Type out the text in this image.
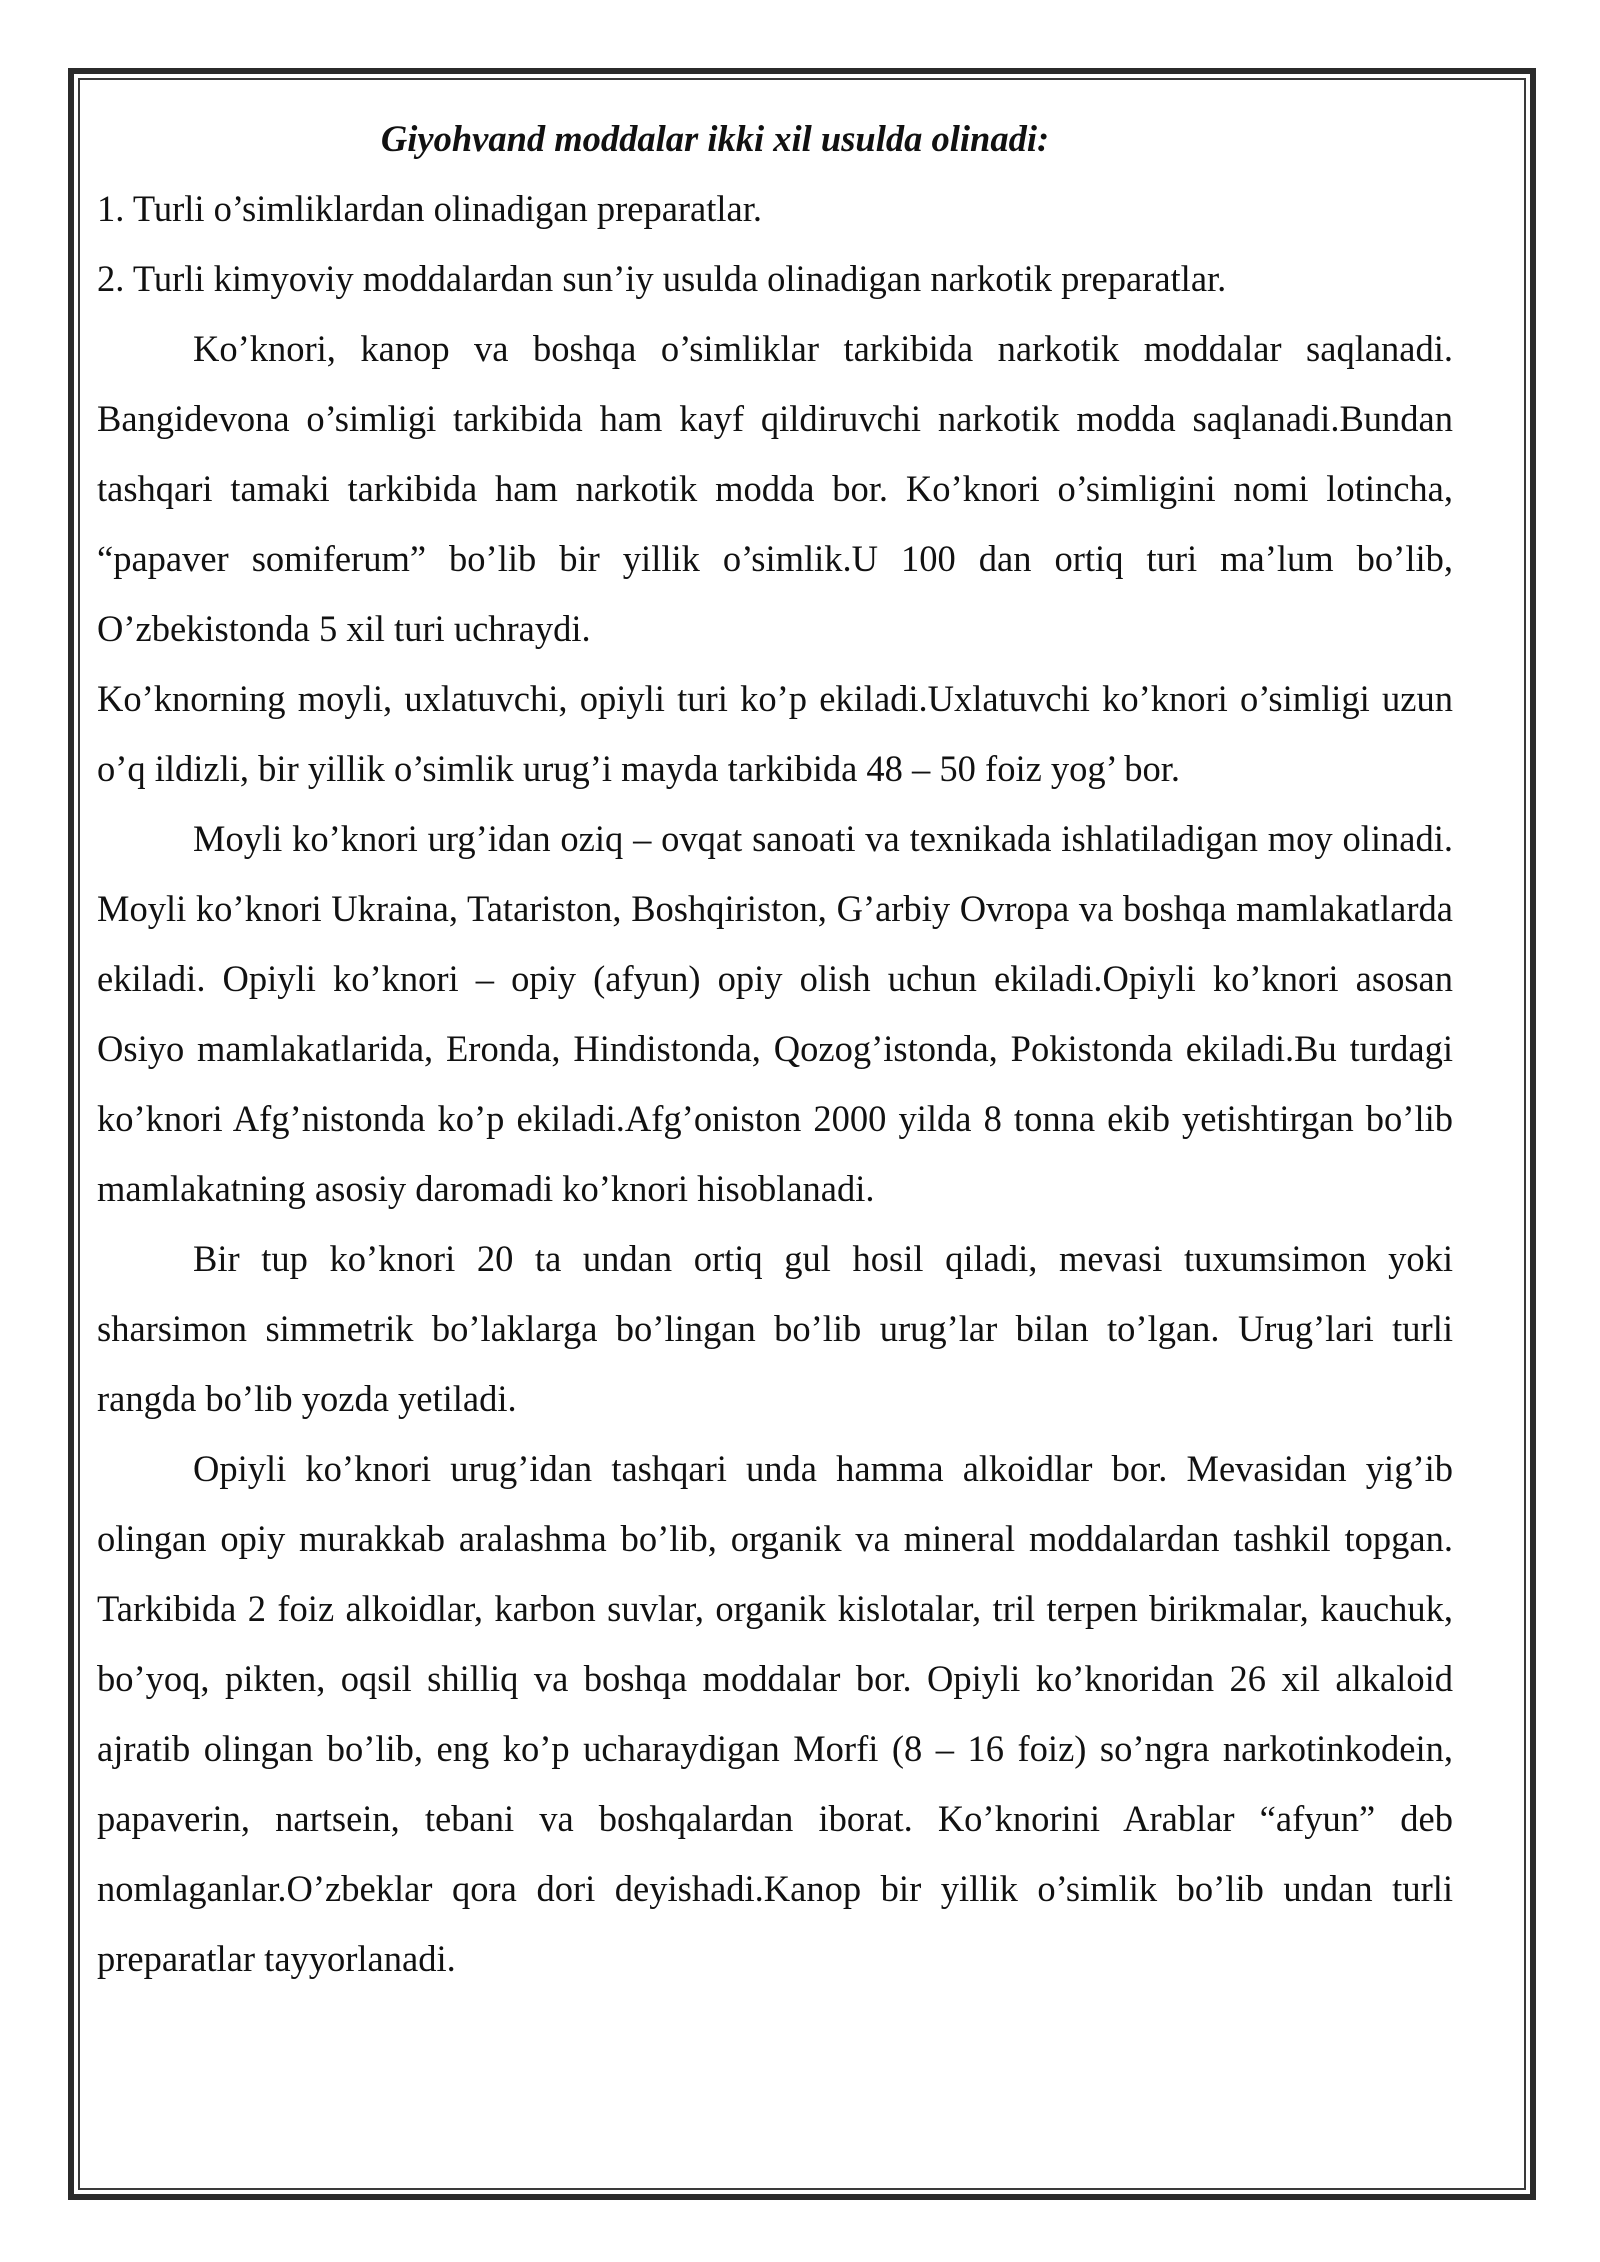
Giyohvand moddalar ikki xil usulda olinadi:

1. Turli o’simliklardan olinadigan preparatlar.

2. Turli kimyoviy moddalardan sun’iy usulda olinadigan narkotik preparatlar.

Ko’knori, kanop va boshqa o’simliklar tarkibida narkotik moddalar saqlanadi. Bangidevona o’simligi tarkibida ham kayf qildiruvchi narkotik modda saqlanadi.Bundan tashqari tamaki tarkibida ham narkotik modda bor. Ko’knori o’simligini nomi lotincha, “papaver somiferum” bo’lib bir yillik o’simlik.U 100 dan ortiq turi ma’lum bo’lib, O’zbekistonda 5 xil turi uchraydi.

Ko’knorning moyli, uxlatuvchi, opiyli turi ko’p ekiladi.Uxlatuvchi ko’knori o’simligi uzun o’q ildizli, bir yillik o’simlik urug’i mayda tarkibida 48 – 50 foiz yog’ bor.

Moyli ko’knori urg’idan oziq – ovqat sanoati va texnikada ishlatiladigan moy olinadi. Moyli ko’knori Ukraina, Tatariston, Boshqiriston, G’arbiy Ovropa va boshqa mamlakatlarda ekiladi. Opiyli ko’knori – opiy (afyun) opiy olish uchun ekiladi.Opiyli ko’knori asosan Osiyo mamlakatlarida, Eronda, Hindistonda, Qozog’istonda, Pokistonda ekiladi.Bu turdagi ko’knori Afg’nistonda ko’p ekiladi.Afg’oniston 2000 yilda 8 tonna ekib yetishtirgan bo’lib mamlakatning asosiy daromadi ko’knori hisoblanadi.

Bir tup ko’knori 20 ta undan ortiq gul hosil qiladi, mevasi tuxumsimon yoki sharsimon simmetrik bo’laklarga bo’lingan bo’lib urug’lar bilan to’lgan. Urug’lari turli rangda bo’lib yozda yetiladi.

Opiyli ko’knori urug’idan tashqari unda hamma alkoidlar bor. Mevasidan yig’ib olingan opiy murakkab aralashma bo’lib, organik va mineral moddalardan tashkil topgan. Tarkibida 2 foiz alkoidlar, karbon suvlar, organik kislotalar, tril terpen birikmalar, kauchuk, bo’yoq, pikten, oqsil shilliq va boshqa moddalar bor. Opiyli ko’knoridan 26 xil alkaloid ajratib olingan bo’lib, eng ko’p ucharaydigan Morfi (8 – 16 foiz) so’ngra narkotinkodein, papaverin, nartsein, tebani va boshqalardan iborat. Ko’knorini Arablar “afyun” deb nomlaganlar.O’zbeklar qora dori deyishadi.Kanop bir yillik o’simlik bo’lib undan turli preparatlar tayyorlanadi.
